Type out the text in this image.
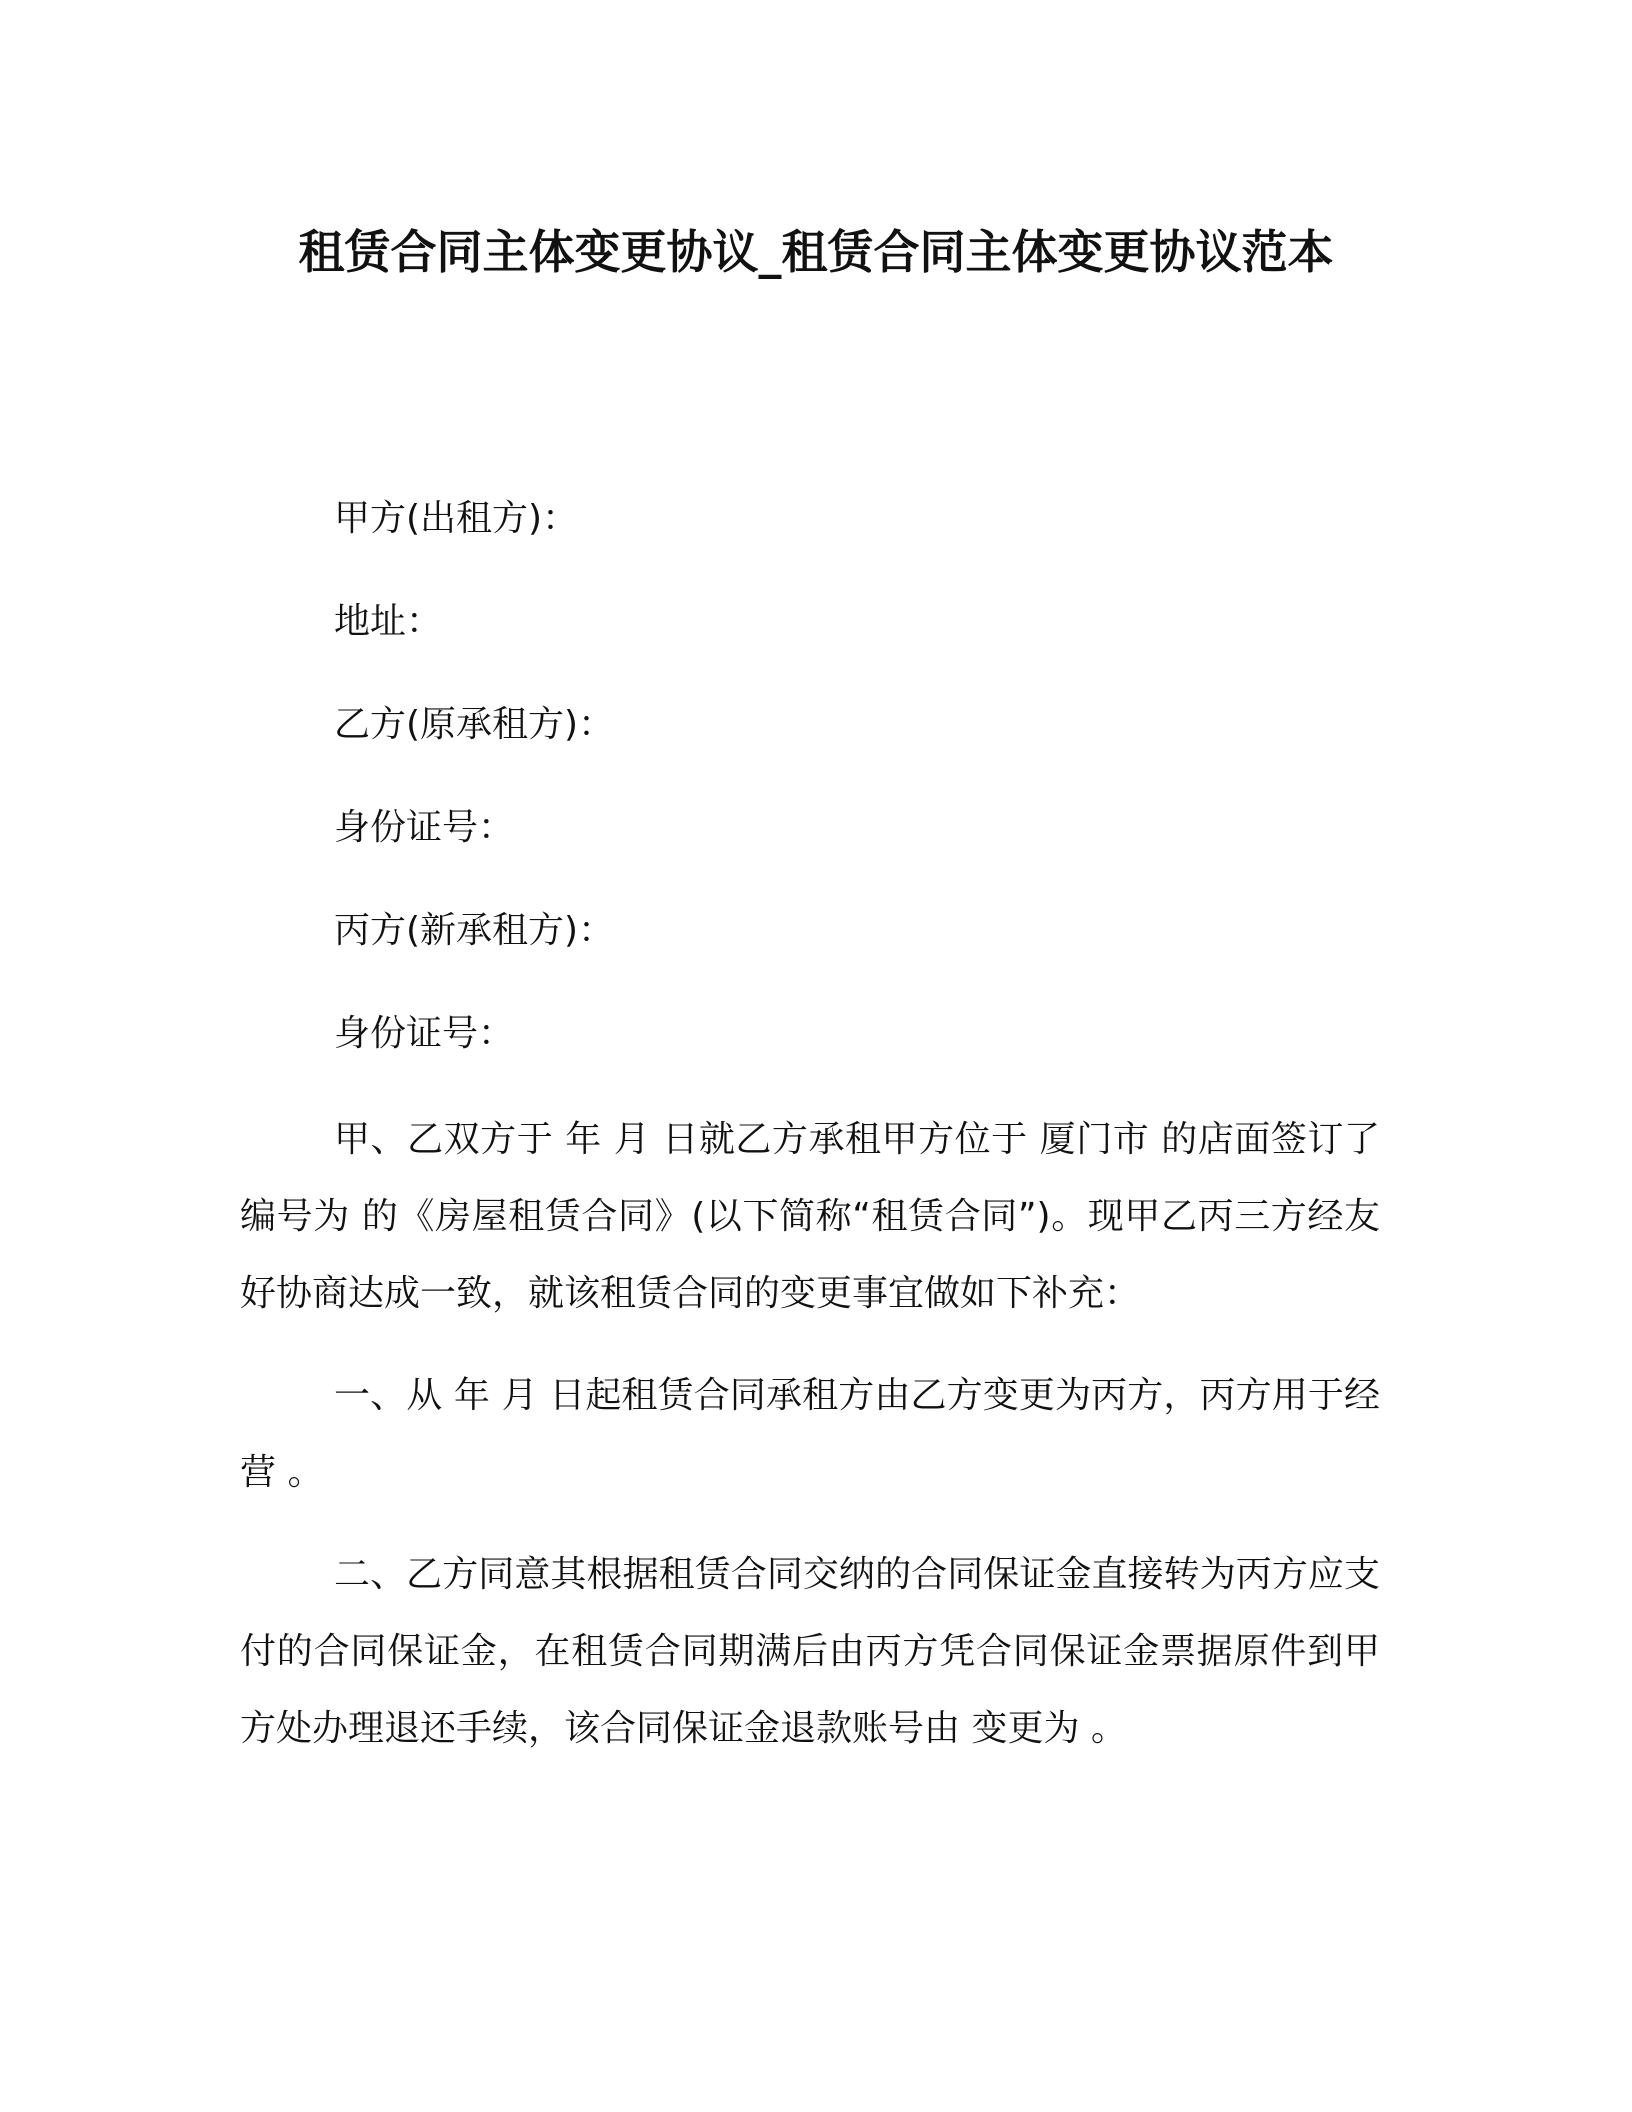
租赁合同主体变更协议_租赁合同主体变更协议范本
甲方(出租方)：
地址：
乙方(原承租方)：
身份证号：
丙方(新承租方)：
身份证号：
甲、乙双方于 年 月 日就乙方承租甲方位于 厦门市 的店面签订了编号为 的《房屋租赁合同》(以下简称“租赁合同”)。现甲乙丙三方经友好协商达成一致，就该租赁合同的变更事宜做如下补充：
一、从 年 月 日起租赁合同承租方由乙方变更为丙方，丙方用于经营 。
二、乙方同意其根据租赁合同交纳的合同保证金直接转为丙方应支付的合同保证金，在租赁合同期满后由丙方凭合同保证金票据原件到甲方处办理退还手续，该合同保证金退款账号由 变更为 。
